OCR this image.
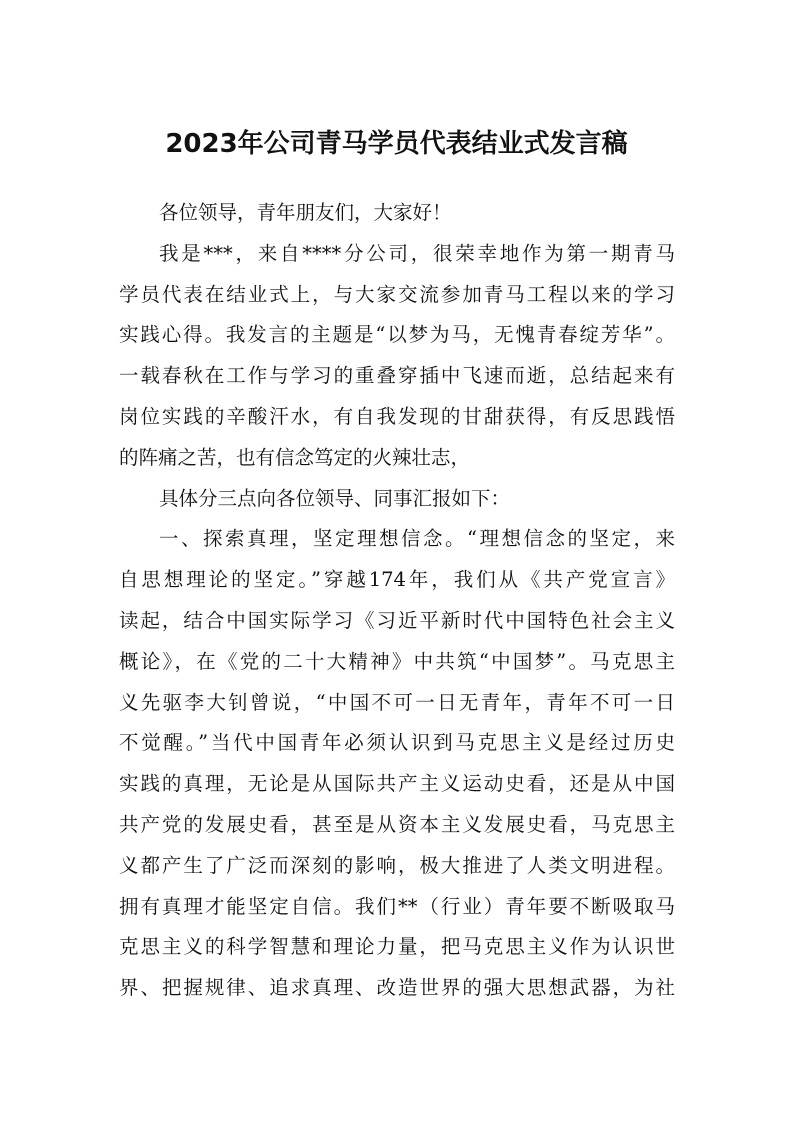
2023年公司青马学员代表结业式发言稿
各位领导，青年朋友们，大家好！
我是***，来自****分公司，很荣幸地作为第一期青马
学员代表在结业式上，与大家交流参加青马工程以来的学习
实践心得。我发言的主题是“以梦为马，无愧青春绽芳华”。
一载春秋在工作与学习的重叠穿插中飞速而逝，总结起来有
岗位实践的辛酸汗水，有自我发现的甘甜获得，有反思践悟
的阵痛之苦，也有信念笃定的火辣壮志，
具体分三点向各位领导、同事汇报如下：
一、探索真理，坚定理想信念。“理想信念的坚定，来
自思想理论的坚定。”穿越174年，我们从《共产党宣言》
读起，结合中国实际学习《习近平新时代中国特色社会主义
概论》，在《党的二十大精神》中共筑“中国梦”。马克思主
义先驱李大钊曾说，“中国不可一日无青年，青年不可一日
不觉醒。”当代中国青年必须认识到马克思主义是经过历史
实践的真理，无论是从国际共产主义运动史看，还是从中国
共产党的发展史看，甚至是从资本主义发展史看，马克思主
义都产生了广泛而深刻的影响，极大推进了人类文明进程。
拥有真理才能坚定自信。我们**（行业）青年要不断吸取马
克思主义的科学智慧和理论力量，把马克思主义作为认识世
界、把握规律、追求真理、改造世界的强大思想武器，为社
